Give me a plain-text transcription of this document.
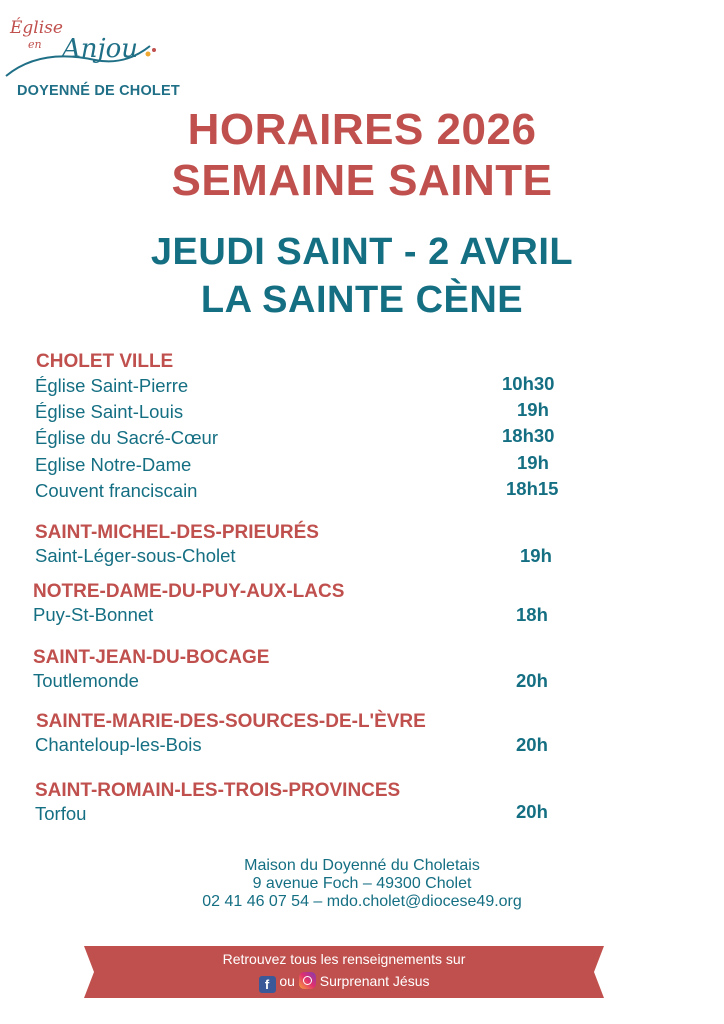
Église
en Anjou
DOYENNÉ DE CHOLET
HORAIRES 2026
SEMAINE SAINTE
JEUDI SAINT - 2 AVRIL
LA SAINTE CÈNE
CHOLET VILLE
Église Saint-Pierre	10h30
Église Saint-Louis	19h
Église du Sacré-Cœur	18h30
Eglise Notre-Dame	19h
Couvent franciscain	18h15
SAINT-MICHEL-DES-PRIEURÉS
Saint-Léger-sous-Cholet	19h
NOTRE-DAME-DU-PUY-AUX-LACS
Puy-St-Bonnet	18h
SAINT-JEAN-DU-BOCAGE
Toutlemonde	20h
SAINTE-MARIE-DES-SOURCES-DE-L'ÈVRE
Chanteloup-les-Bois	20h
SAINT-ROMAIN-LES-TROIS-PROVINCES
Torfou	20h
Maison du Doyenné du Choletais
9 avenue Foch – 49300 Cholet
02 41 46 07 54 – mdo.cholet@diocese49.org
Retrouvez tous les renseignements sur
f ou Surprenant Jésus
